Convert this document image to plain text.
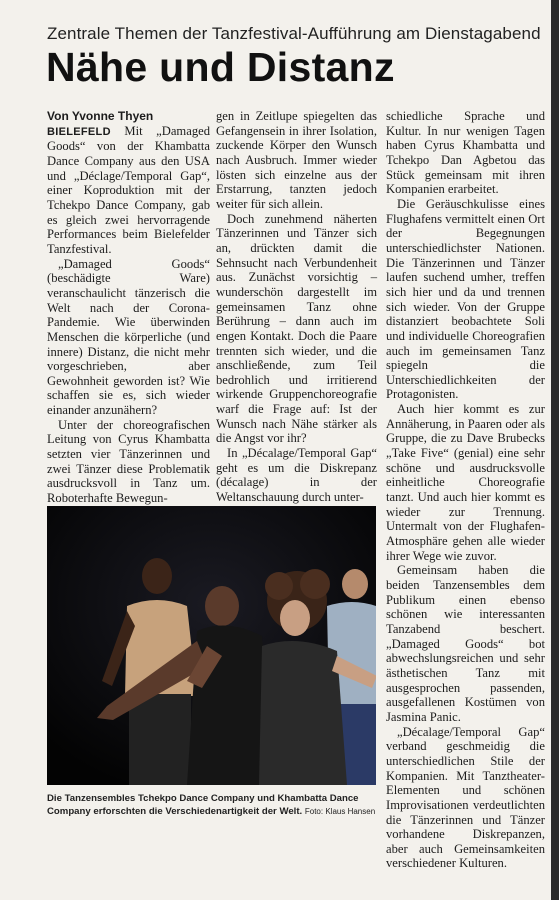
Zentrale Themen der Tanzfestival-Aufführung am Dienstagabend
Nähe und Distanz

Von Yvonne Thyen

BIELEFELD Mit „Damaged Goods“ von der Khambatta Dance Company aus den USA und „Déclage/Temporal Gap“, einer Koproduktion mit der Tchekpo Dance Company, gab es gleich zwei hervorragende Performances beim Bielefelder Tanzfestival.

„Damaged Goods“ (beschädigte Ware) veranschaulicht tänzerisch die Welt nach der Corona-Pandemie. Wie überwinden Menschen die körperliche (und innere) Distanz, die nicht mehr vorgeschrieben, aber Gewohnheit geworden ist? Wie schaffen sie es, sich wieder einander anzunähern?

Unter der choreografischen Leitung von Cyrus Khambatta setzten vier Tänzerinnen und zwei Tänzer diese Problematik ausdrucksvoll in Tanz um. Roboterhafte Bewegun-

gen in Zeitlupe spiegelten das Gefangensein in ihrer Isolation, zuckende Körper den Wunsch nach Ausbruch. Immer wieder lösten sich einzelne aus der Erstarrung, tanzten jedoch weiter für sich allein.

Doch zunehmend näherten Tänzerinnen und Tänzer sich an, drückten damit die Sehnsucht nach Verbundenheit aus. Zunächst vorsichtig – wunderschön dargestellt im gemeinsamen Tanz ohne Berührung – dann auch im engen Kontakt. Doch die Paare trennten sich wieder, und die anschließende, zum Teil bedrohlich und irritierend wirkende Gruppenchoreografie warf die Frage auf: Ist der Wunsch nach Nähe stärker als die Angst vor ihr?

In „Décalage/Temporal Gap“ geht es um die Diskrepanz (décalage) in der Weltanschauung durch unter-

schiedliche Sprache und Kultur. In nur wenigen Tagen haben Cyrus Khambatta und Tchekpo Dan Agbetou das Stück gemeinsam mit ihren Kompanien erarbeitet.

Die Geräuschkulisse eines Flughafens vermittelt einen Ort der Begegnungen unterschiedlichster Nationen. Die Tänzerinnen und Tänzer laufen suchend umher, treffen sich hier und da und trennen sich wieder. Von der Gruppe distanziert beobachtete Soli und individuelle Choreografien auch im gemeinsamen Tanz spiegeln die Unterschiedlichkeiten der Protagonisten.

Auch hier kommt es zur Annäherung, in Paaren oder als Gruppe, die zu Dave Brubecks „Take Five“ (genial) eine sehr schöne und ausdrucksvolle einheitliche Choreografie tanzt. Und auch hier kommt es wieder zur Trennung. Untermalt von der Flughafen-Atmosphäre gehen alle wieder ihrer Wege wie zuvor.

Gemeinsam haben die beiden Tanzensembles dem Publikum einen ebenso schönen wie interessanten Tanzabend beschert. „Damaged Goods“ bot abwechslungsreichen und sehr ästhetischen Tanz mit ausgesprochen passenden, ausgefallenen Kostümen von Jasmina Panic.

„Décalage/Temporal Gap“ verband geschmeidig die unterschiedlichen Stile der Kompanien. Mit Tanztheater-Elementen und schönen Improvisationen verdeutlichten die Tänzerinnen und Tänzer vorhandene Diskrepanzen, aber auch Gemeinsamkeiten verschiedener Kulturen.

Die Tanzensembles Tchekpo Dance Company und Khambatta Dance Company erforschten die Verschiedenartigkeit der Welt. Foto: Klaus Hansen
